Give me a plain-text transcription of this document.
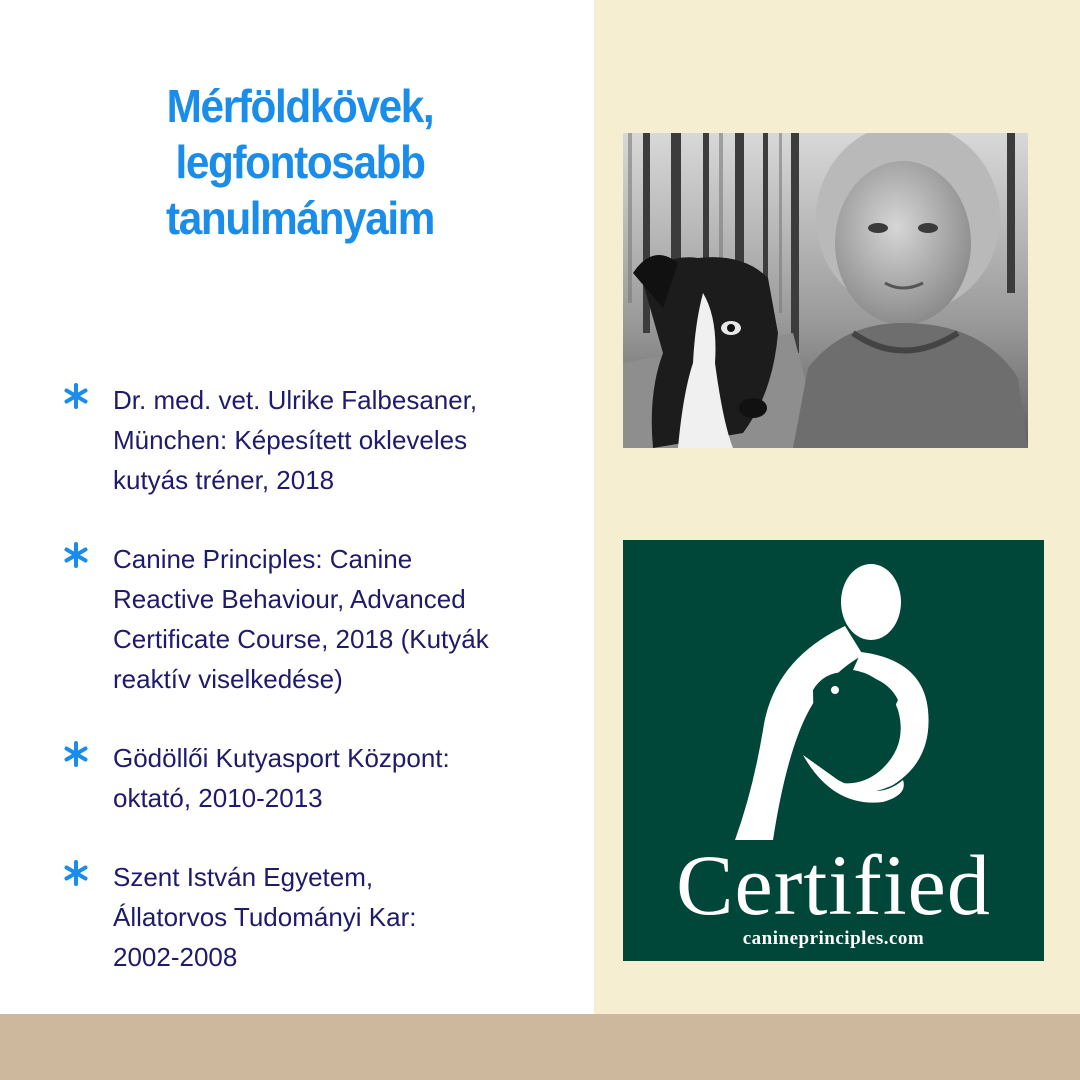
Mérföldkövek,
legfontosabb
tanulmányaim
Dr. med. vet. Ulrike Falbesaner,
München: Képesített okleveles
kutyás tréner, 2018
Canine Principles: Canine
Reactive Behaviour, Advanced
Certificate Course, 2018 (Kutyák
reaktív viselkedése)
Gödöllői Kutyasport Központ:
oktató, 2010-2013
Szent István Egyetem,
Állatorvos Tudományi Kar:
2002-2008
Certified
canineprinciples.com
